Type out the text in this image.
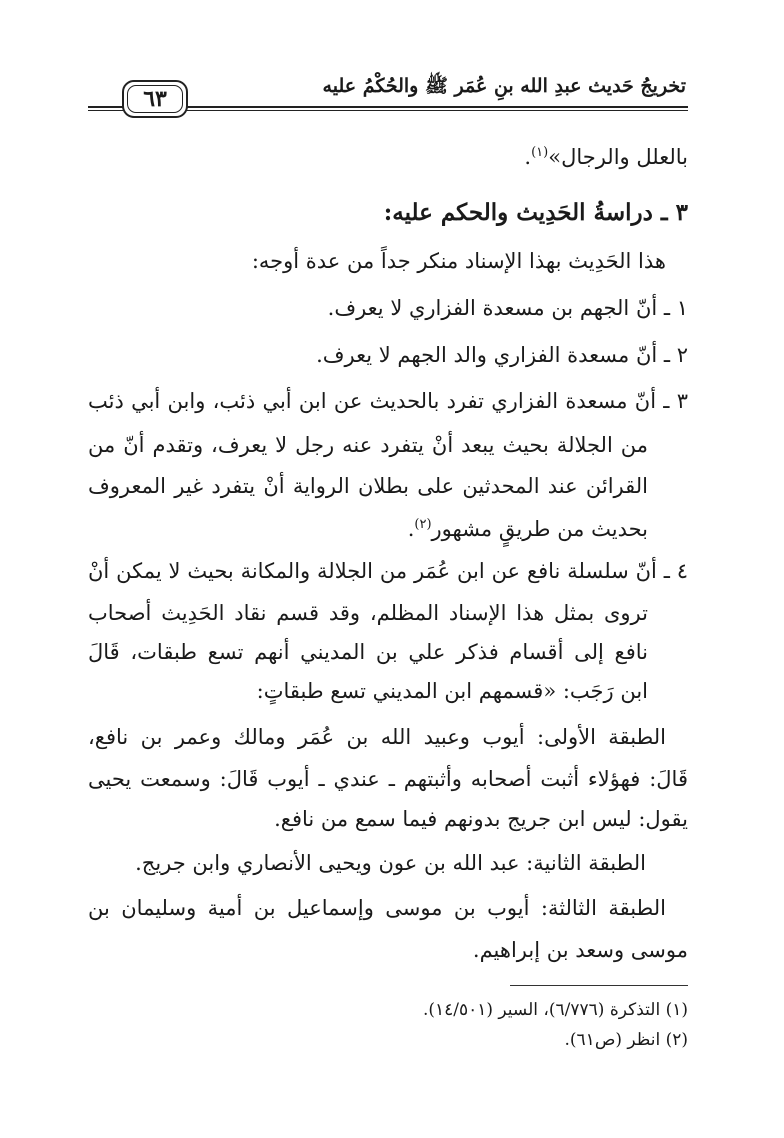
تخريجُ حَديث عبدِ الله بنِ عُمَر ﷺ والحُكْمُ عليه
٦٣
بالعلل والرجال»$^{(١)}$.
٣ ـ دراسةُ الحَدِيث والحكم عليه:
هذا الحَدِيث بهذا الإسناد منكر جداً من عدة أوجه:
١ ـ أنّ الجهم بن مسعدة الفزاري لا يعرف.
٢ ـ أنّ مسعدة الفزاري والد الجهم لا يعرف.
٣ ـ أنّ مسعدة الفزاري تفرد بالحديث عن ابن أبي ذئب، وابن أبي ذئب
من الجلالة بحيث يبعد أنْ يتفرد عنه رجل لا يعرف، وتقدم أنّ من
القرائن عند المحدثين على بطلان الرواية أنْ يتفرد غير المعروف
بحديث من طريقٍ مشهور$^{(٢)}$.
٤ ـ أنّ سلسلة نافع عن ابن عُمَر من الجلالة والمكانة بحيث لا يمكن أنْ
تروى بمثل هذا الإسناد المظلم، وقد قسم نقاد الحَدِيث أصحاب
نافع إلى أقسام فذكر علي بن المديني أنهم تسع طبقات، قَالَ
ابن رَجَب: «قسمهم ابن المديني تسع طبقاتٍ:
الطبقة الأولى: أيوب وعبيد الله بن عُمَر ومالك وعمر بن نافع،
قَالَ: فهؤلاء أثبت أصحابه وأثبتهم ـ عندي ـ أيوب قَالَ: وسمعت يحيى
يقول: ليس ابن جريج بدونهم فيما سمع من نافع.
الطبقة الثانية: عبد الله بن عون ويحيى الأنصاري وابن جريج.
الطبقة الثالثة: أيوب بن موسى وإسماعيل بن أمية وسليمان بن
موسى وسعد بن إبراهيم.
(١) التذكرة (٦/٧٧٦)، السير (١٤/٥٠١).
(٢) انظر (ص٦١).
